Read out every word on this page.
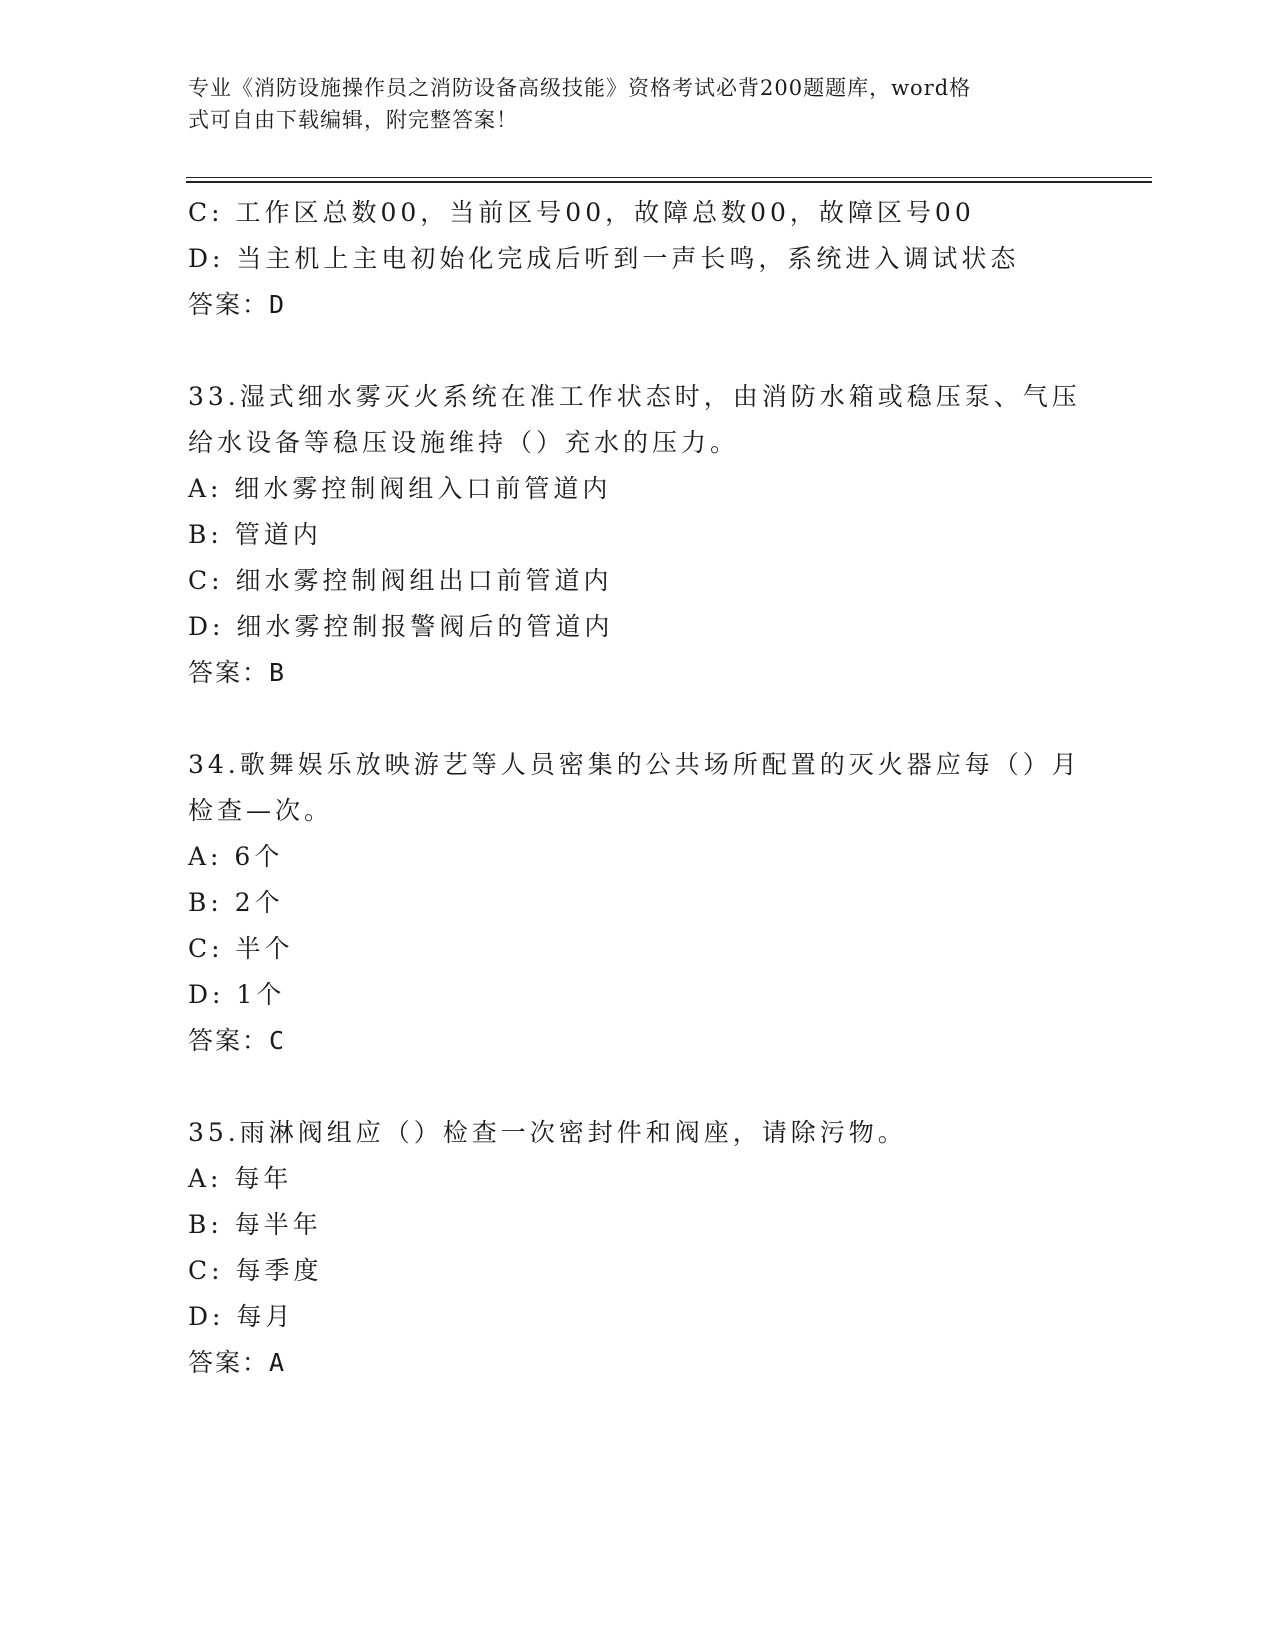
专业《消防设施操作员之消防设备高级技能》资格考试必背200题题库，word格
式可自由下载编辑，附完整答案！
C: 工作区总数00，当前区号00，故障总数00，故障区号00
D: 当主机上主电初始化完成后听到一声长鸣，系统进入调试状态
答案：D
33.湿式细水雾灭火系统在准工作状态时，由消防水箱或稳压泵、气压
给水设备等稳压设施维持（）充水的压力。
A: 细水雾控制阀组入口前管道内
B: 管道内
C: 细水雾控制阀组出口前管道内
D: 细水雾控制报警阀后的管道内
答案：B
34.歌舞娱乐放映游艺等人员密集的公共场所配置的灭火器应每（）月
检查—次。
A: 6个
B: 2个
C: 半个
D: 1个
答案：C
35.雨淋阀组应（）检查一次密封件和阀座，请除污物。
A: 每年
B: 每半年
C: 每季度
D: 每月
答案：A
